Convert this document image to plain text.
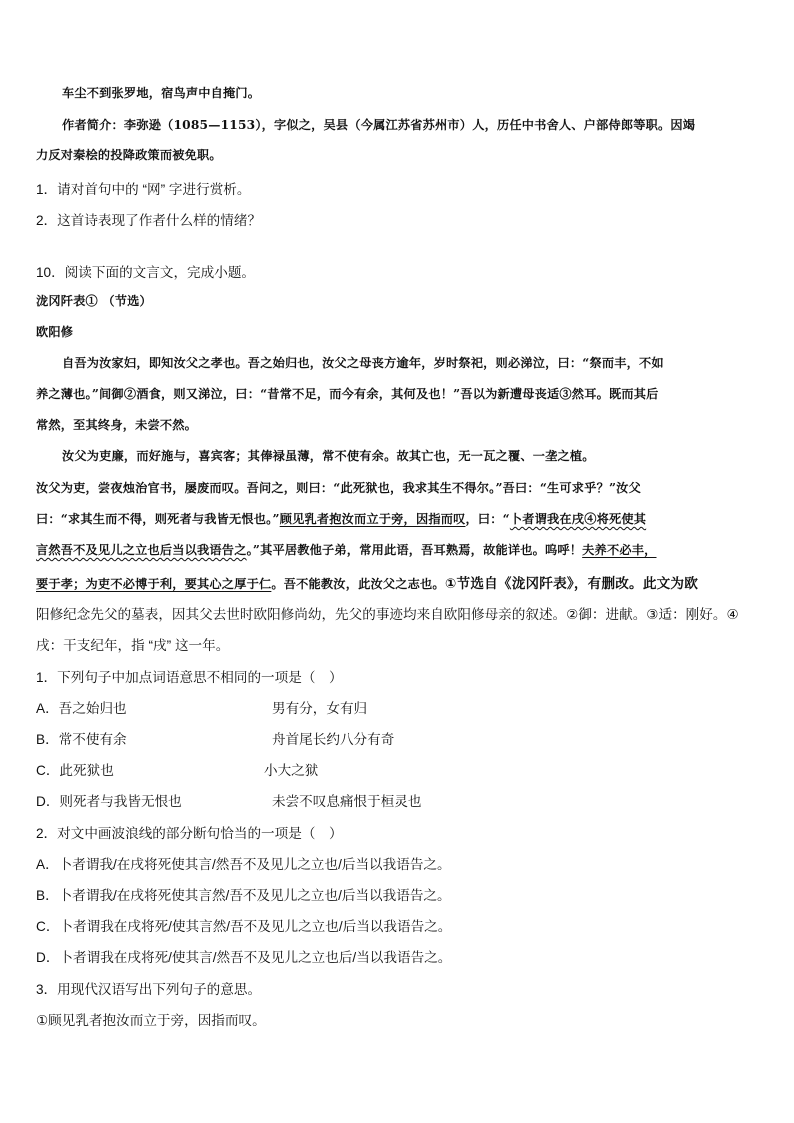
车尘不到张罗地，宿鸟声中自掩门。
作者简介：李弥逊（1085—1153），字似之，吴县（今属江苏省苏州市）人，历任中书舍人、户部侍郎等职。因竭
力反对秦桧的投降政策而被免职。
1．请对首句中的 “网” 字进行赏析。
2．这首诗表现了作者什么样的情绪？
10．阅读下面的文言文，完成小题。
泷冈阡表① （节选）
欧阳修
自吾为汝家妇，即知汝父之孝也。吾之始归也，汝父之母丧方逾年，岁时祭祀，则必涕泣，曰：“祭而丰，不如
养之薄也。”间御②酒食，则又涕泣，曰：“昔常不足，而今有余，其何及也！”吾以为新遭母丧适③然耳。既而其后
常然，至其终身，未尝不然。
汝父为吏廉，而好施与，喜宾客；其俸禄虽薄，常不使有余。故其亡也，无一瓦之覆、一垄之植。
汝父为吏，尝夜烛治官书，屡废而叹。吾问之，则曰：“此死狱也，我求其生不得尔。”吾曰：“生可求乎？”汝父
曰：“求其生而不得，则死者与我皆无恨也。”顾见乳者抱汝而立于旁，因指而叹，曰：“卜者谓我在戌④将死使其
言然吾不及见儿之立也后当以我语告之。”其平居教他子弟，常用此语，吾耳熟焉，故能详也。呜呼！夫养不必丰，
要于孝；为吏不必博于利，要其心之厚于仁。吾不能教汝，此汝父之志也。①节选自《泷冈阡表》，有删改。此文为欧
阳修纪念先父的墓表，因其父去世时欧阳修尚幼，先父的事迹均来自欧阳修母亲的叙述。②御：进献。③适：刚好。④
戌：干支纪年，指 “戌” 这一年。
1．下列句子中加点词语意思不相同的一项是（　）
A．吾之始归也	男有分，女有归
B．常不使有余	舟首尾长约八分有奇
C．此死狱也	小大之狱
D．则死者与我皆无恨也	未尝不叹息痛恨于桓灵也
2．对文中画波浪线的部分断句恰当的一项是（　）
A．卜者谓我/在戌将死使其言/然吾不及见儿之立也/后当以我语告之。
B．卜者谓我/在戌将死使其言然/吾不及见儿之立也/后当以我语告之。
C．卜者谓我在戌将死/使其言然/吾不及见儿之立也/后当以我语告之。
D．卜者谓我在戌将死/使其言/然吾不及见儿之立也后/当以我语告之。
3．用现代汉语写出下列句子的意思。
①顾见乳者抱汝而立于旁，因指而叹。
